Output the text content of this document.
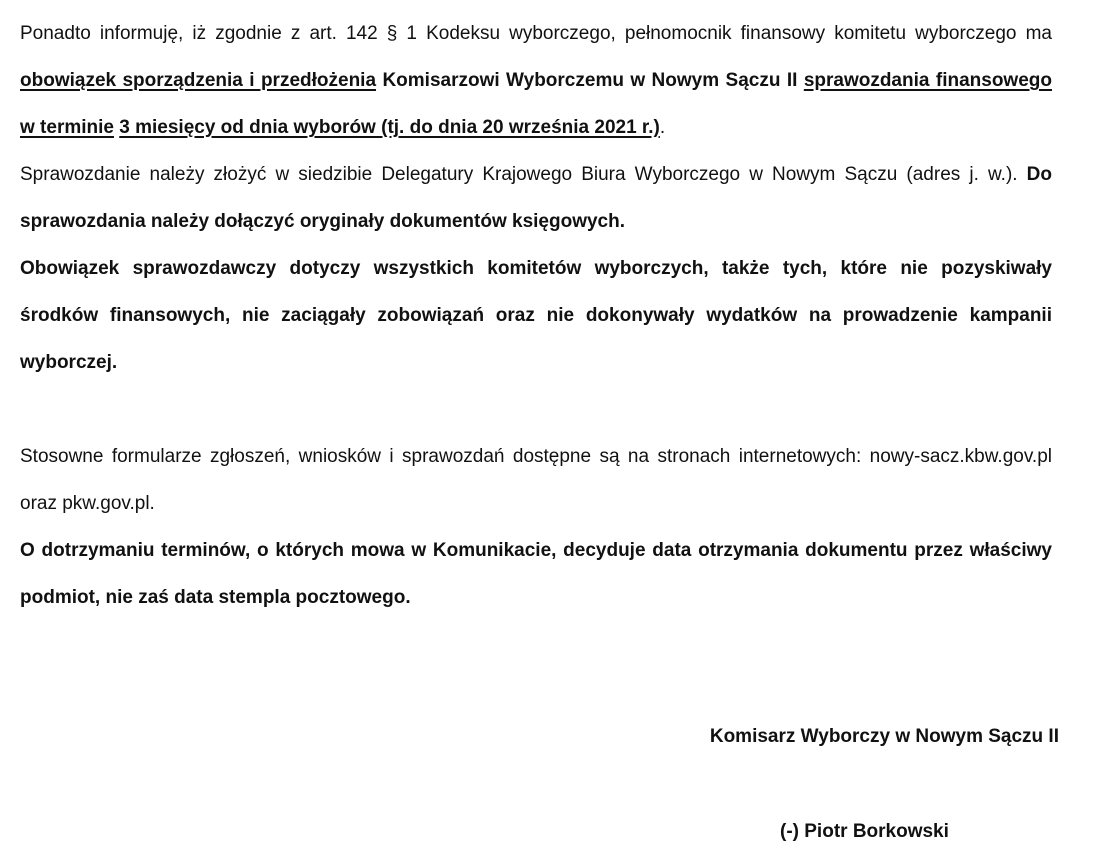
Ponadto informuję, iż zgodnie z art. 142 § 1 Kodeksu wyborczego, pełnomocnik finansowy komitetu wyborczego ma obowiązek sporządzenia i przedłożenia Komisarzowi Wyborczemu w Nowym Sączu II sprawozdania finansowego w terminie 3 miesięcy od dnia wyborów (tj. do dnia 20 września 2021 r.).

Sprawozdanie należy złożyć w siedzibie Delegatury Krajowego Biura Wyborczego w Nowym Sączu (adres j. w.). Do sprawozdania należy dołączyć oryginały dokumentów księgowych.

Obowiązek sprawozdawczy dotyczy wszystkich komitetów wyborczych, także tych, które nie pozyskiwały środków finansowych, nie zaciągały zobowiązań oraz nie dokonywały wydatków na prowadzenie kampanii wyborczej.

Stosowne formularze zgłoszeń, wniosków i sprawozdań dostępne są na stronach internetowych: nowy-sacz.kbw.gov.pl oraz pkw.gov.pl.

O dotrzymaniu terminów, o których mowa w Komunikacie, decyduje data otrzymania dokumentu przez właściwy podmiot, nie zaś data stempla pocztowego.

Komisarz Wyborczy w Nowym Sączu II
(-) Piotr Borkowski
